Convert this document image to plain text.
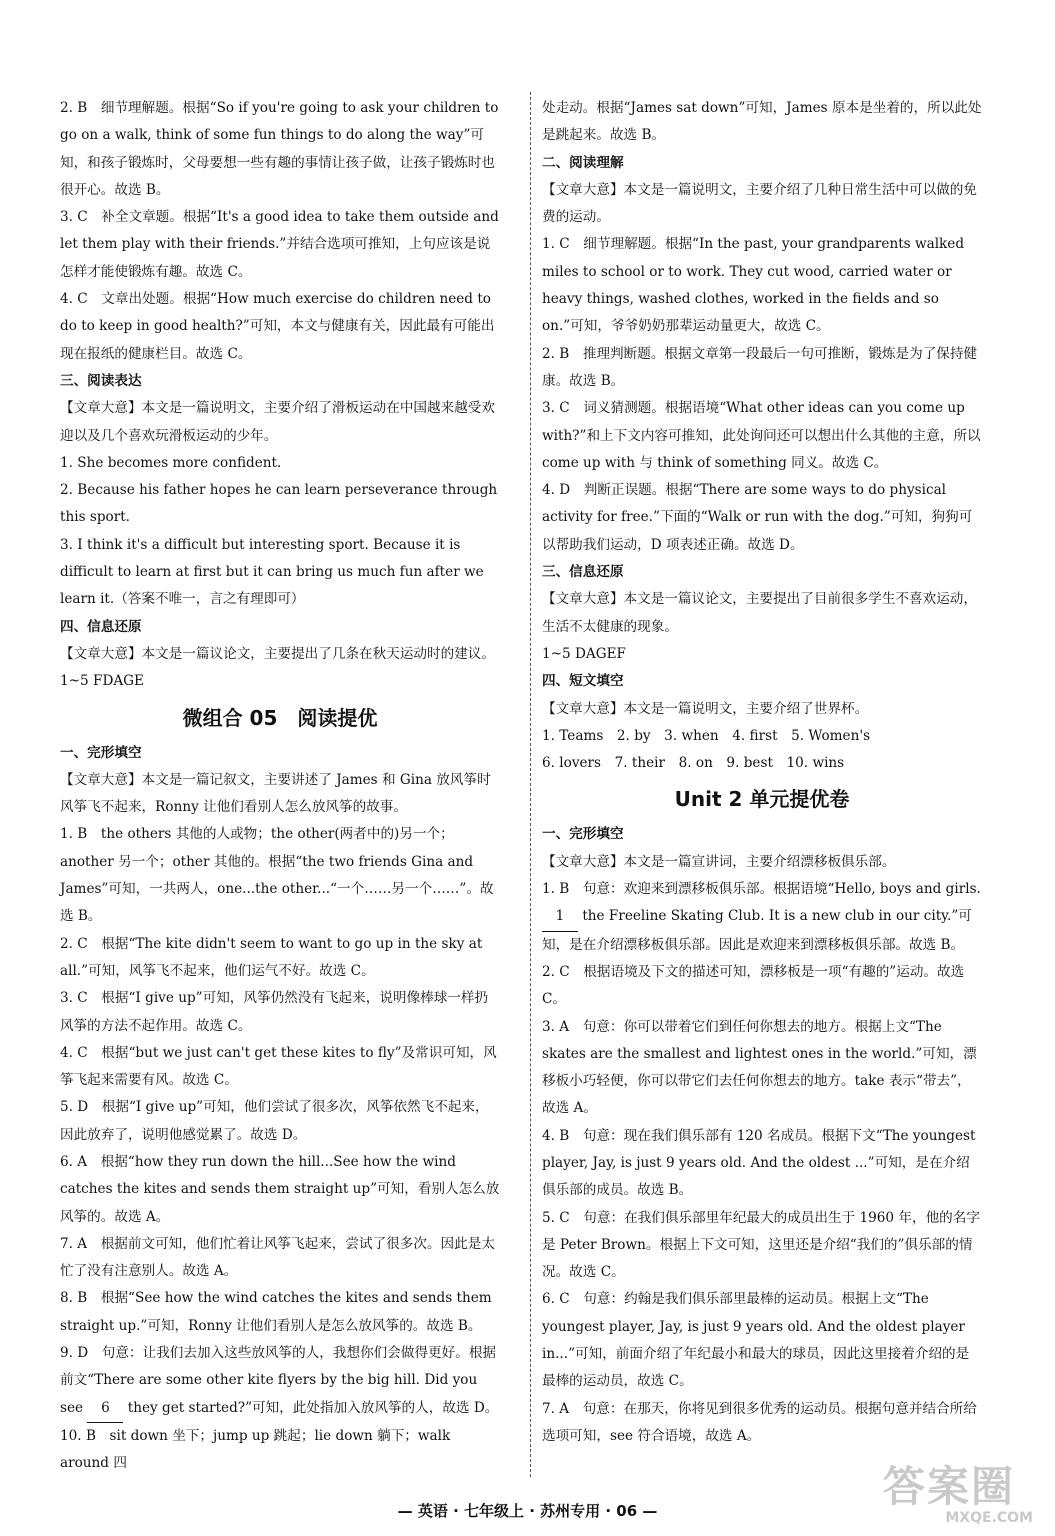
2. B　细节理解题。根据“So if you're going to ask your children to go on a walk, think of some fun things to do along the way”可知，和孩子锻炼时，父母要想一些有趣的事情让孩子做，让孩子锻炼时也很开心。故选 B。

3. C　补全文章题。根据“It's a good idea to take them outside and let them play with their friends.”并结合选项可推知，上句应该是说怎样才能使锻炼有趣。故选 C。

4. C　文章出处题。根据“How much exercise do children need to do to keep in good health?”可知，本文与健康有关，因此最有可能出现在报纸的健康栏目。故选 C。

三、阅读表达

【文章大意】本文是一篇说明文，主要介绍了滑板运动在中国越来越受欢迎以及几个喜欢玩滑板运动的少年。

1. She becomes more confident.

2. Because his father hopes he can learn perseverance through this sport.

3. I think it's a difficult but interesting sport. Because it is difficult to learn at first but it can bring us much fun after we learn it.（答案不唯一，言之有理即可）

四、信息还原

【文章大意】本文是一篇议论文，主要提出了几条在秋天运动时的建议。

1~5 FDAGE

微组合 05　阅读提优

一、完形填空

【文章大意】本文是一篇记叙文，主要讲述了 James 和 Gina 放风筝时风筝飞不起来，Ronny 让他们看别人怎么放风筝的故事。

1. B　the others 其他的人或物；the other(两者中的)另一个；another 另一个；other 其他的。根据“the two friends Gina and James”可知，一共两人，one...the other...“一个……另一个……”。故选 B。

2. C　根据“The kite didn't seem to want to go up in the sky at all.”可知，风筝飞不起来，他们运气不好。故选 C。

3. C　根据“I give up”可知，风筝仍然没有飞起来，说明像棒球一样扔风筝的方法不起作用。故选 C。

4. C　根据“but we just can't get these kites to fly”及常识可知，风筝飞起来需要有风。故选 C。

5. D　根据“I give up”可知，他们尝试了很多次，风筝依然飞不起来，因此放弃了，说明他感觉累了。故选 D。

6. A　根据“how they run down the hill...See how the wind catches the kites and sends them straight up”可知，看别人怎么放风筝的。故选 A。

7. A　根据前文可知，他们忙着让风筝飞起来，尝试了很多次。因此是太忙了没有注意别人。故选 A。

8. B　根据“See how the wind catches the kites and sends them straight up.”可知，Ronny 让他们看别人是怎么放风筝的。故选 B。

9. D　句意：让我们去加入这些放风筝的人，我想你们会做得更好。根据前文“There are some other kite flyers by the big hill. Did you see 6 they get started?”可知，此处指加入放风筝的人，故选 D。

10. B　sit down 坐下；jump up 跳起；lie down 躺下；walk around 四

处走动。根据“James sat down”可知，James 原本是坐着的，所以此处是跳起来。故选 B。

二、阅读理解

【文章大意】本文是一篇说明文，主要介绍了几种日常生活中可以做的免费的运动。

1. C　细节理解题。根据“In the past, your grandparents walked miles to school or to work. They cut wood, carried water or heavy things, washed clothes, worked in the fields and so on.”可知，爷爷奶奶那辈运动量更大，故选 C。

2. B　推理判断题。根据文章第一段最后一句可推断，锻炼是为了保持健康。故选 B。

3. C　词义猜测题。根据语境“What other ideas can you come up with?”和上下文内容可推知，此处询问还可以想出什么其他的主意，所以 come up with 与 think of something 同义。故选 C。

4. D　判断正误题。根据“There are some ways to do physical activity for free.”下面的“Walk or run with the dog.”可知，狗狗可以帮助我们运动，D 项表述正确。故选 D。

三、信息还原

【文章大意】本文是一篇议论文，主要提出了目前很多学生不喜欢运动，生活不太健康的现象。

1~5 DAGEF

四、短文填空

【文章大意】本文是一篇说明文，主要介绍了世界杯。

1. Teams　2. by　3. when　4. first　5. Women's

6. lovers　7. their　8. on　9. best　10. wins

Unit 2 单元提优卷

一、完形填空

【文章大意】本文是一篇宣讲词，主要介绍漂移板俱乐部。

1. B　句意：欢迎来到漂移板俱乐部。根据语境“Hello, boys and girls. 1 the Freeline Skating Club. It is a new club in our city.”可知，是在介绍漂移板俱乐部。因此是欢迎来到漂移板俱乐部。故选 B。

2. C　根据语境及下文的描述可知，漂移板是一项“有趣的”运动。故选 C。

3. A　句意：你可以带着它们到任何你想去的地方。根据上文“The skates are the smallest and lightest ones in the world.”可知，漂移板小巧轻便，你可以带它们去任何你想去的地方。take 表示“带去”，故选 A。

4. B　句意：现在我们俱乐部有 120 名成员。根据下文“The youngest player, Jay, is just 9 years old. And the oldest ...”可知，是在介绍俱乐部的成员。故选 B。

5. C　句意：在我们俱乐部里年纪最大的成员出生于 1960 年，他的名字是 Peter Brown。根据上下文可知，这里还是介绍“我们的”俱乐部的情况。故选 C。

6. C　句意：约翰是我们俱乐部里最棒的运动员。根据上文“The youngest player, Jay, is just 9 years old. And the oldest player in...”可知，前面介绍了年纪最小和最大的球员，因此这里接着介绍的是最棒的运动员，故选 C。

7. A　句意：在那天，你将见到很多优秀的运动员。根据句意并结合所给选项可知，see 符合语境，故选 A。

— 英语 · 七年级上 · 苏州专用 · 06 —	答案圈
MXQE.COM
